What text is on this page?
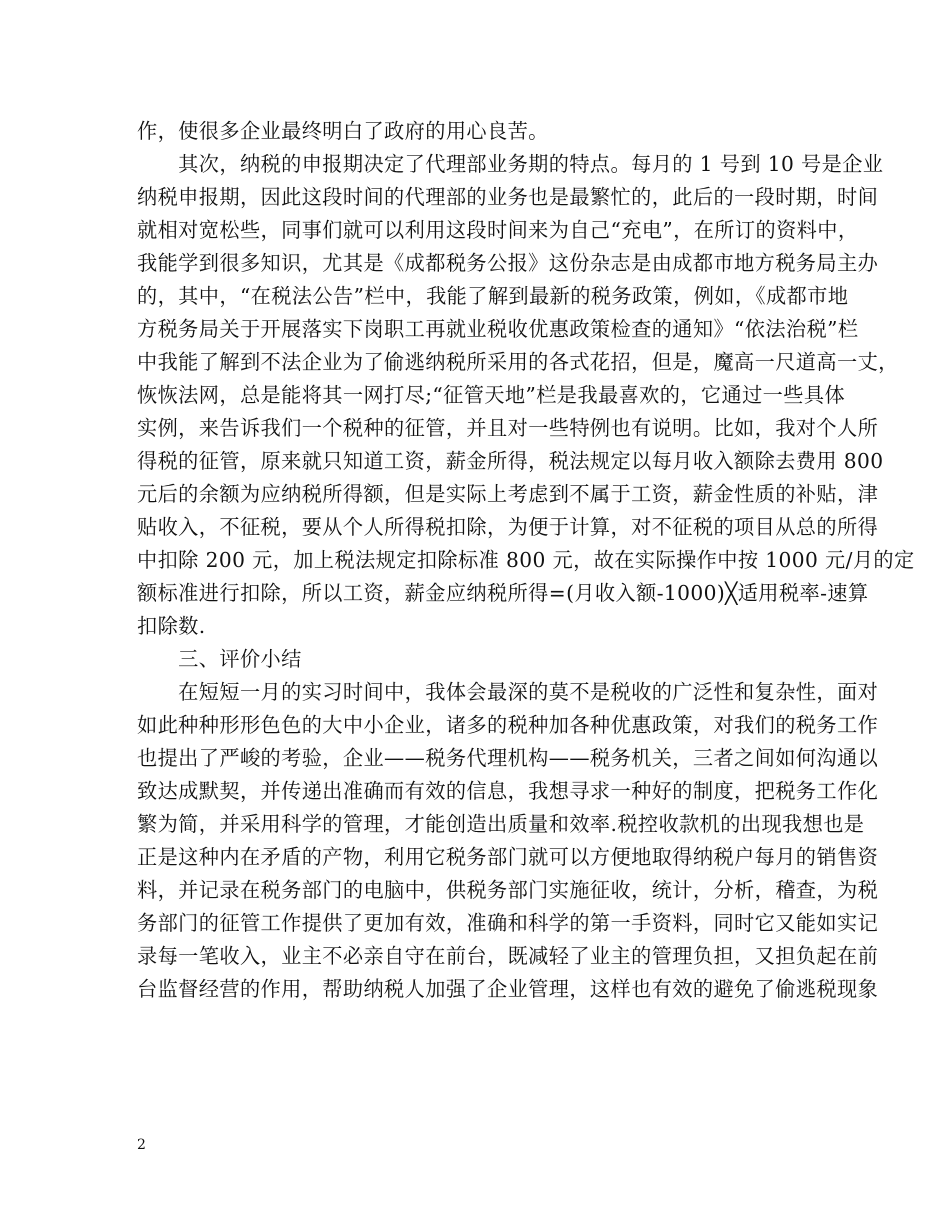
作，使很多企业最终明白了政府的用心良苦。
　　其次，纳税的申报期决定了代理部业务期的特点。每月的 1 号到 10 号是企业
纳税申报期，因此这段时间的代理部的业务也是最繁忙的，此后的一段时期，时间
就相对宽松些，同事们就可以利用这段时间来为自己“充电”，在所订的资料中，
我能学到很多知识，尤其是《成都税务公报》这份杂志是由成都市地方税务局主办
的，其中，“在税法公告”栏中，我能了解到最新的税务政策，例如，《成都市地
方税务局关于开展落实下岗职工再就业税收优惠政策检查的通知》“依法治税”栏
中我能了解到不法企业为了偷逃纳税所采用的各式花招，但是，魔高一尺道高一丈，
恢恢法网，总是能将其一网打尽;“征管天地”栏是我最喜欢的，它通过一些具体
实例，来告诉我们一个税种的征管，并且对一些特例也有说明。比如，我对个人所
得税的征管，原来就只知道工资，薪金所得，税法规定以每月收入额除去费用 800
元后的余额为应纳税所得额，但是实际上考虑到不属于工资，薪金性质的补贴，津
贴收入，不征税，要从个人所得税扣除，为便于计算，对不征税的项目从总的所得
中扣除 200 元，加上税法规定扣除标准 800 元，故在实际操作中按 1000 元/月的定
额标准进行扣除，所以工资，薪金应纳税所得=(月收入额-1000)╳适用税率-速算
扣除数.
　　三、评价小结
　　在短短一月的实习时间中，我体会最深的莫不是税收的广泛性和复杂性，面对
如此种种形形色色的大中小企业，诸多的税种加各种优惠政策，对我们的税务工作
也提出了严峻的考验，企业——税务代理机构——税务机关，三者之间如何沟通以
致达成默契，并传递出准确而有效的信息，我想寻求一种好的制度，把税务工作化
繁为简，并采用科学的管理，才能创造出质量和效率.税控收款机的出现我想也是
正是这种内在矛盾的产物，利用它税务部门就可以方便地取得纳税户每月的销售资
料，并记录在税务部门的电脑中，供税务部门实施征收，统计，分析，稽查，为税
务部门的征管工作提供了更加有效，准确和科学的第一手资料，同时它又能如实记
录每一笔收入，业主不必亲自守在前台，既减轻了业主的管理负担，又担负起在前
台监督经营的作用，帮助纳税人加强了企业管理，这样也有效的避免了偷逃税现象
2
